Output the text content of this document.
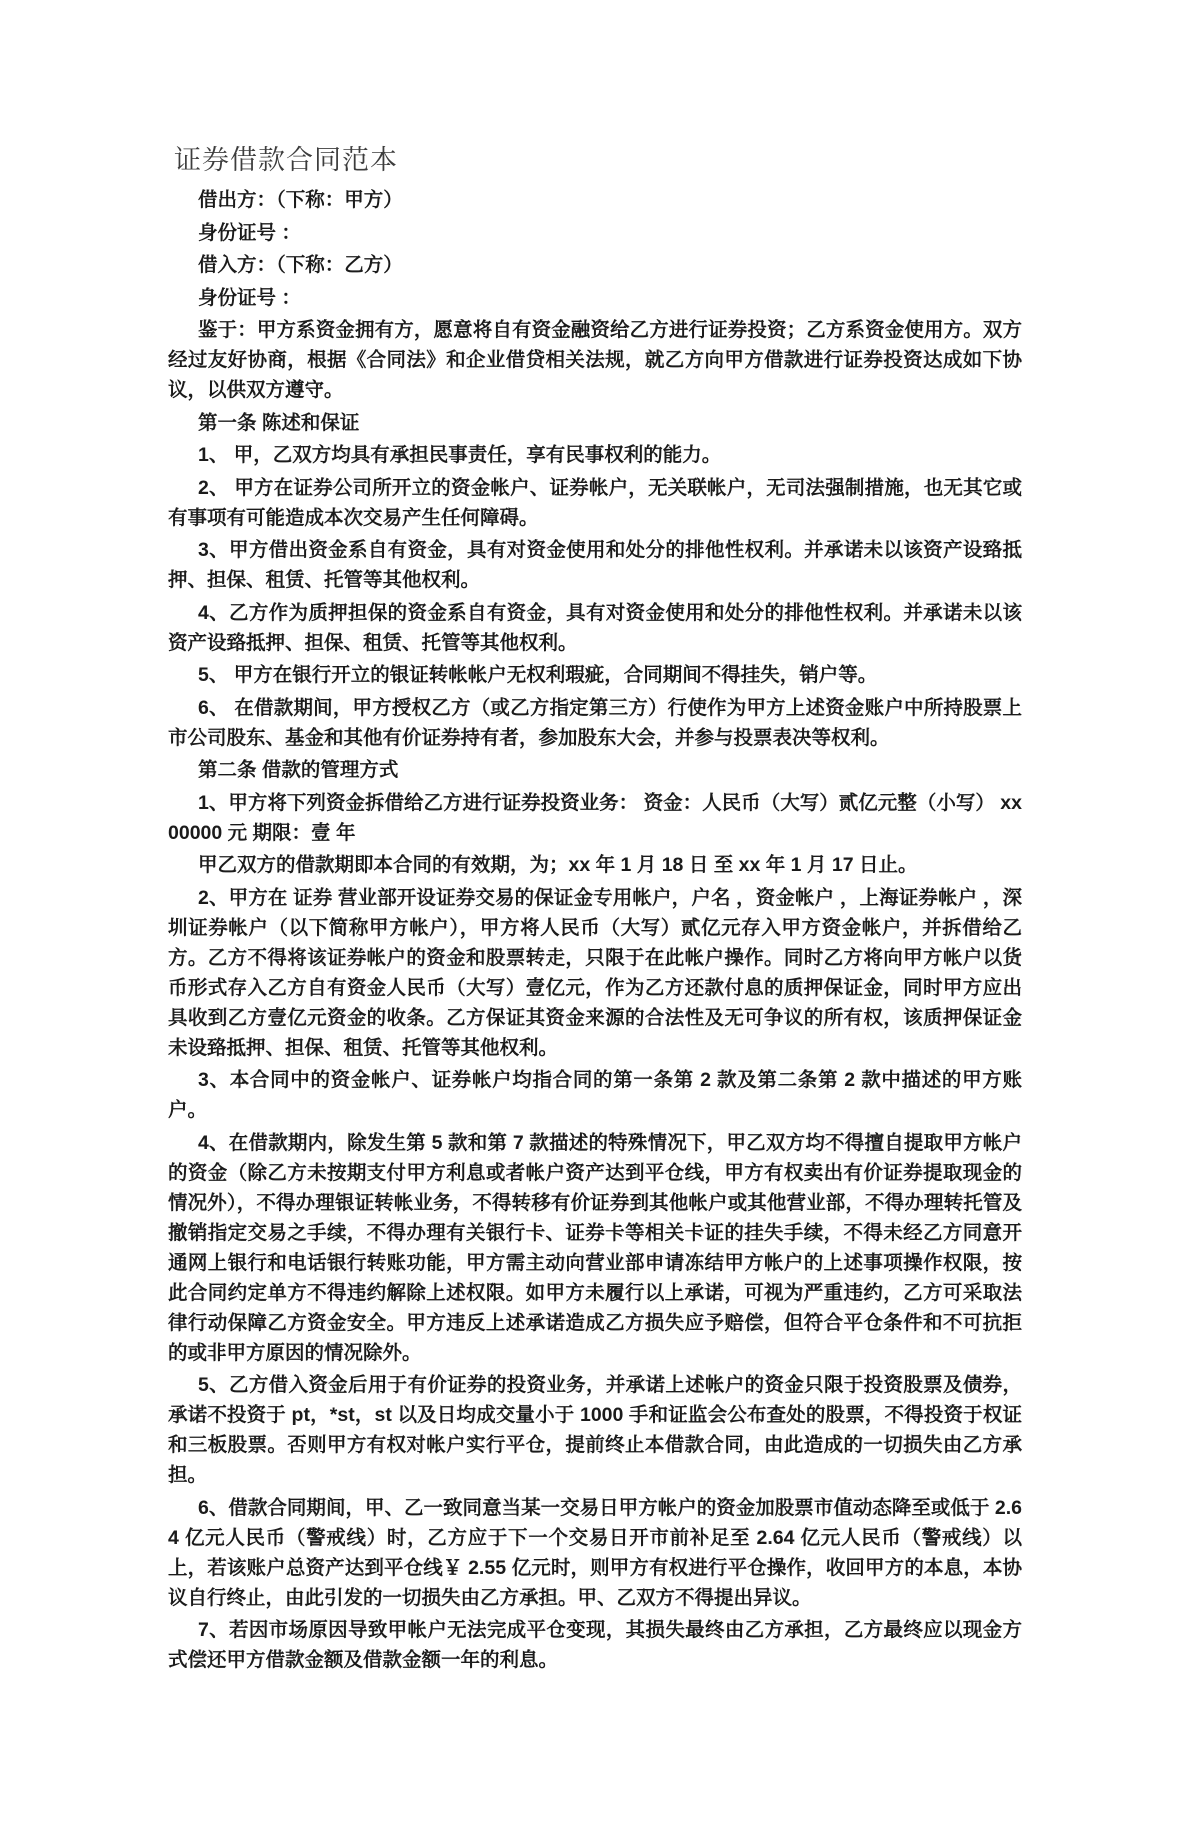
证券借款合同范本

借出方：（下称：甲方）

身份证号 ：

借入方：（下称：乙方）

身份证号 ：

鉴于：甲方系资金拥有方，愿意将自有资金融资给乙方进行证券投资；乙方系资金使用方。双方经过友好协商，根据《合同法》和企业借贷相关法规，就乙方向甲方借款进行证券投资达成如下协议，以供双方遵守。

第一条 陈述和保证

1、 甲，乙双方均具有承担民事责任，享有民事权利的能力。

2、 甲方在证券公司所开立的资金帐户、证券帐户，无关联帐户，无司法强制措施，也无其它或有事项有可能造成本次交易产生任何障碍。

3、甲方借出资金系自有资金，具有对资金使用和处分的排他性权利。并承诺未以该资产设臵抵押、担保、租赁、托管等其他权利。

4、乙方作为质押担保的资金系自有资金，具有对资金使用和处分的排他性权利。并承诺未以该资产设臵抵押、担保、租赁、托管等其他权利。

5、 甲方在银行开立的银证转帐帐户无权利瑕疵，合同期间不得挂失，销户等。

6、 在借款期间，甲方授权乙方（或乙方指定第三方）行使作为甲方上述资金账户中所持股票上市公司股东、基金和其他有价证券持有者，参加股东大会，并参与投票表决等权利。

第二条 借款的管理方式

1、甲方将下列资金拆借给乙方进行证券投资业务： 资金：人民币（大写）贰亿元整（小写） xx00000 元 期限：壹 年

甲乙双方的借款期即本合同的有效期，为；xx 年 1 月 18 日 至 xx 年 1 月 17 日止。

2、甲方在 证券 营业部开设证券交易的保证金专用帐户，户名 ，资金帐户 ，上海证券帐户 ，深圳证券帐户（以下简称甲方帐户），甲方将人民币（大写）贰亿元存入甲方资金帐户，并拆借给乙方。乙方不得将该证券帐户的资金和股票转走，只限于在此帐户操作。同时乙方将向甲方帐户以货币形式存入乙方自有资金人民币（大写）壹亿元，作为乙方还款付息的质押保证金，同时甲方应出具收到乙方壹亿元资金的收条。乙方保证其资金来源的合法性及无可争议的所有权，该质押保证金未设臵抵押、担保、租赁、托管等其他权利。

3、本合同中的资金帐户、证券帐户均指合同的第一条第 2 款及第二条第 2 款中描述的甲方账户。

4、在借款期内，除发生第 5 款和第 7 款描述的特殊情况下，甲乙双方均不得擅自提取甲方帐户的资金（除乙方未按期支付甲方利息或者帐户资产达到平仓线，甲方有权卖出有价证券提取现金的情况外），不得办理银证转帐业务，不得转移有价证券到其他帐户或其他营业部，不得办理转托管及撤销指定交易之手续，不得办理有关银行卡、证券卡等相关卡证的挂失手续，不得未经乙方同意开通网上银行和电话银行转账功能，甲方需主动向营业部申请冻结甲方帐户的上述事项操作权限，按此合同约定单方不得违约解除上述权限。如甲方未履行以上承诺，可视为严重违约，乙方可采取法律行动保障乙方资金安全。甲方违反上述承诺造成乙方损失应予赔偿，但符合平仓条件和不可抗拒的或非甲方原因的情况除外。

5、乙方借入资金后用于有价证券的投资业务，并承诺上述帐户的资金只限于投资股票及债券，承诺不投资于 pt，*st，st 以及日均成交量小于 1000 手和证监会公布查处的股票，不得投资于权证和三板股票。否则甲方有权对帐户实行平仓，提前终止本借款合同，由此造成的一切损失由乙方承担。

6、借款合同期间，甲、乙一致同意当某一交易日甲方帐户的资金加股票市值动态降至或低于 2.64 亿元人民币（警戒线）时，乙方应于下一个交易日开市前补足至 2.64 亿元人民币（警戒线）以上，若该账户总资产达到平仓线￥ 2.55 亿元时，则甲方有权进行平仓操作，收回甲方的本息，本协议自行终止，由此引发的一切损失由乙方承担。甲、乙双方不得提出异议。

7、若因市场原因导致甲帐户无法完成平仓变现，其损失最终由乙方承担，乙方最终应以现金方式偿还甲方借款金额及借款金额一年的利息。
